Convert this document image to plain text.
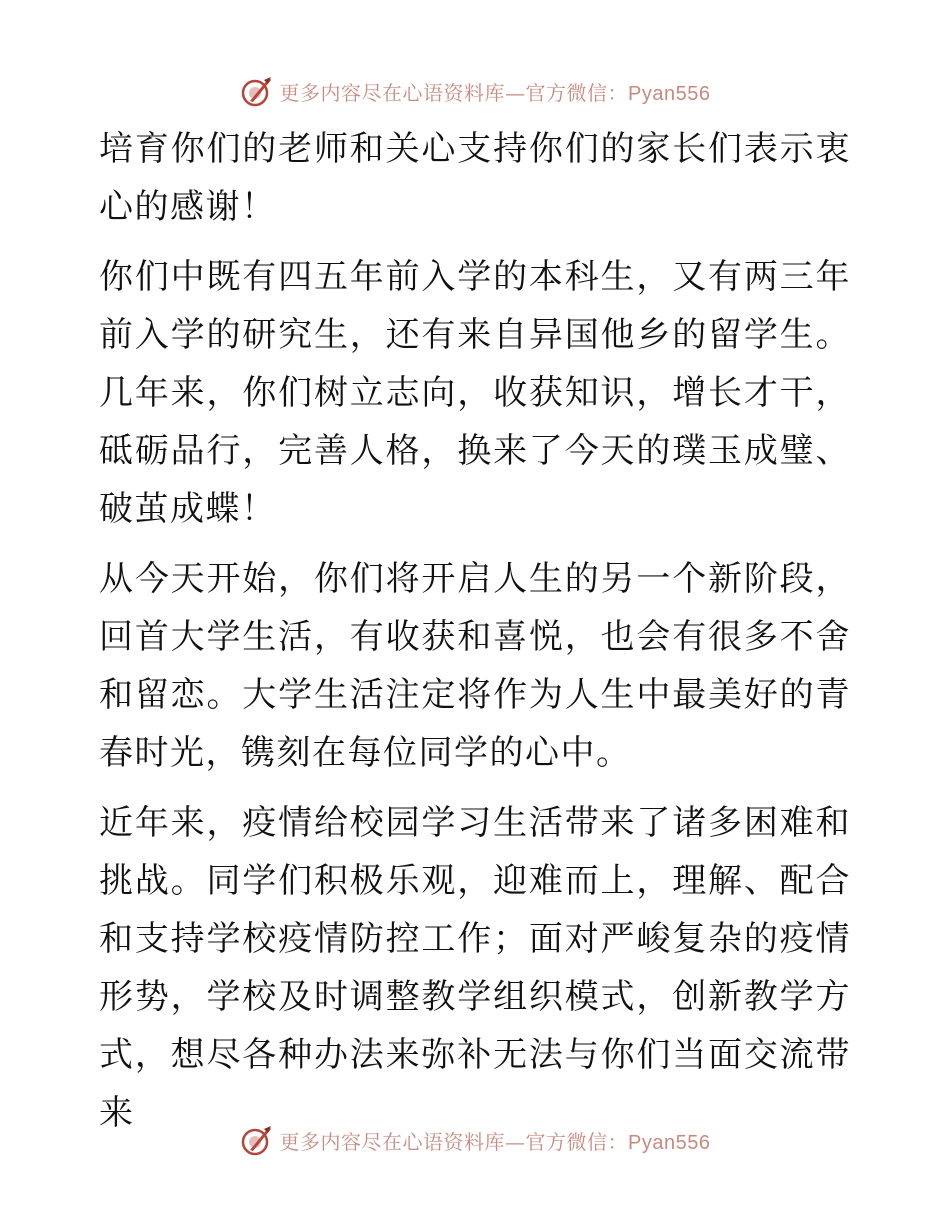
更多内容尽在心语资料库—官方微信：Pyan556

培育你们的老师和关心支持你们的家长们表示衷心的感谢！

你们中既有四五年前入学的本科生，又有两三年前入学的研究生，还有来自异国他乡的留学生。几年来，你们树立志向，收获知识，增长才干，砥砺品行，完善人格，换来了今天的璞玉成璧、破茧成蝶！

从今天开始，你们将开启人生的另一个新阶段，回首大学生活，有收获和喜悦，也会有很多不舍和留恋。大学生活注定将作为人生中最美好的青春时光，镌刻在每位同学的心中。

近年来，疫情给校园学习生活带来了诸多困难和挑战。同学们积极乐观，迎难而上，理解、配合和支持学校疫情防控工作；面对严峻复杂的疫情形势，学校及时调整教学组织模式，创新教学方式，想尽各种办法来弥补无法与你们当面交流带来

更多内容尽在心语资料库—官方微信：Pyan556
